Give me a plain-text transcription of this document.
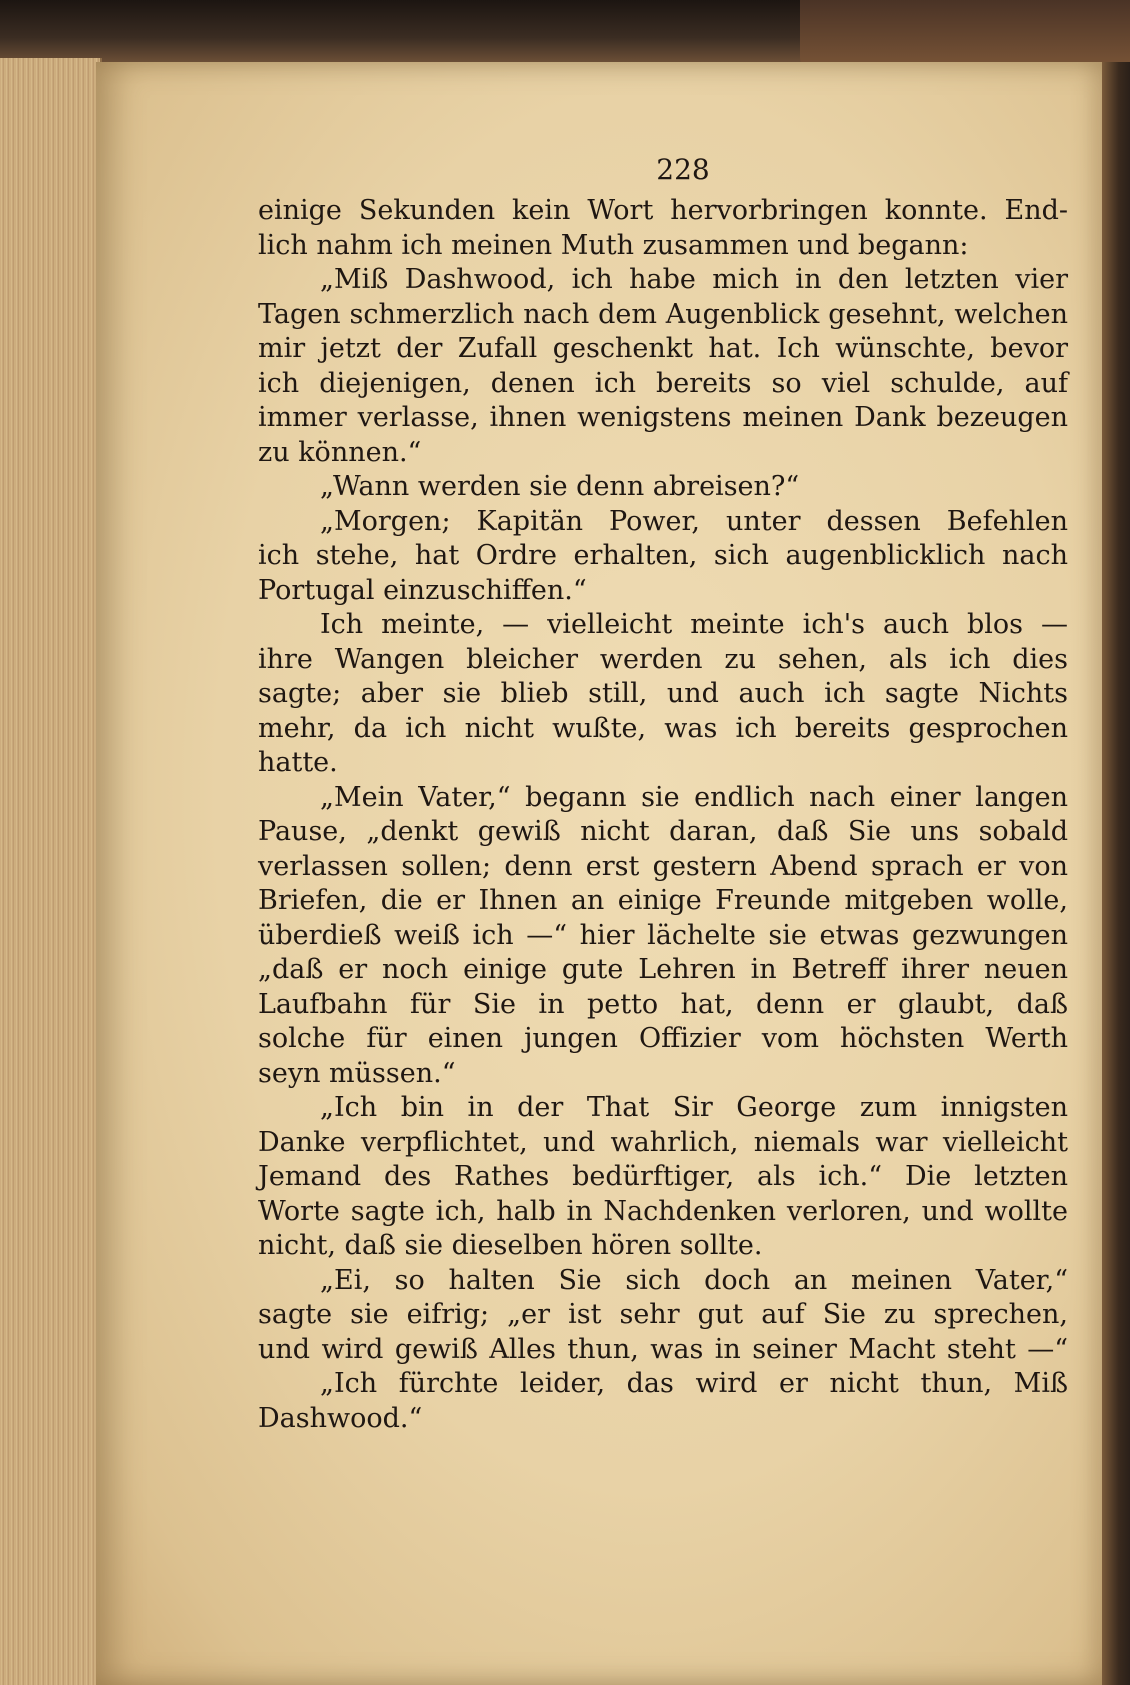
228

einige Sekunden kein Wort hervorbringen konnte. End-

lich nahm ich meinen Muth zusammen und begann:

„Miß Dashwood, ich habe mich in den letzten vier

Tagen schmerzlich nach dem Augenblick gesehnt, welchen

mir jetzt der Zufall geschenkt hat. Ich wünschte, bevor

ich diejenigen, denen ich bereits so viel schulde, auf

immer verlasse, ihnen wenigstens meinen Dank bezeugen

zu können.“

„Wann werden sie denn abreisen?“

„Morgen; Kapitän Power, unter dessen Befehlen

ich stehe, hat Ordre erhalten, sich augenblicklich nach

Portugal einzuschiffen.“

Ich meinte, — vielleicht meinte ich's auch blos —

ihre Wangen bleicher werden zu sehen, als ich dies

sagte; aber sie blieb still, und auch ich sagte Nichts

mehr, da ich nicht wußte, was ich bereits gesprochen

hatte.

„Mein Vater,“ begann sie endlich nach einer langen

Pause, „denkt gewiß nicht daran, daß Sie uns sobald

verlassen sollen; denn erst gestern Abend sprach er von

Briefen, die er Ihnen an einige Freunde mitgeben wolle,

überdieß weiß ich —“ hier lächelte sie etwas gezwungen

„daß er noch einige gute Lehren in Betreff ihrer neuen

Laufbahn für Sie in petto hat, denn er glaubt, daß

solche für einen jungen Offizier vom höchsten Werth

seyn müssen.“

„Ich bin in der That Sir George zum innigsten

Danke verpflichtet, und wahrlich, niemals war vielleicht

Jemand des Rathes bedürftiger, als ich.“ Die letzten

Worte sagte ich, halb in Nachdenken verloren, und wollte

nicht, daß sie dieselben hören sollte.

„Ei, so halten Sie sich doch an meinen Vater,“

sagte sie eifrig; „er ist sehr gut auf Sie zu sprechen,

und wird gewiß Alles thun, was in seiner Macht steht —“

„Ich fürchte leider, das wird er nicht thun, Miß

Dashwood.“
